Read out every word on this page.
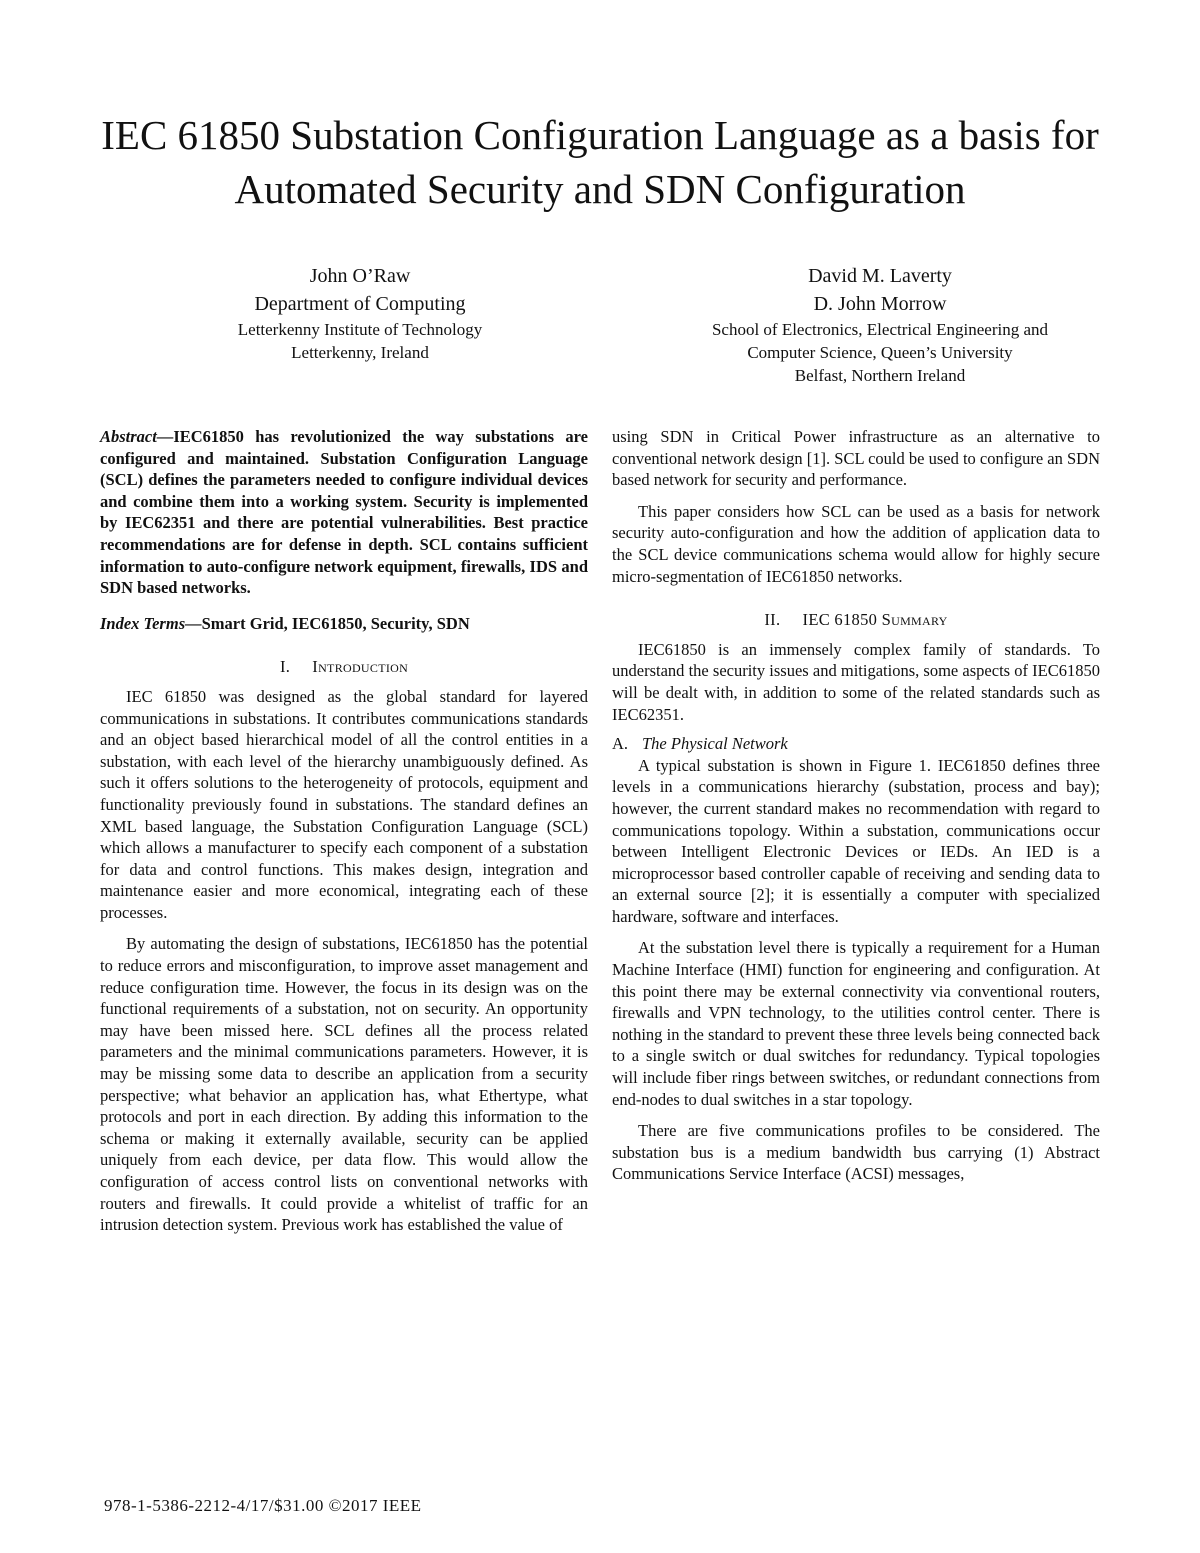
IEC 61850 Substation Configuration Language as a basis for Automated Security and SDN Configuration
John O’Raw
Department of Computing
Letterkenny Institute of Technology
Letterkenny, Ireland
David M. Laverty
D. John Morrow
School of Electronics, Electrical Engineering and
Computer Science, Queen’s University
Belfast, Northern Ireland

Abstract—IEC61850 has revolutionized the way substations are configured and maintained. Substation Configuration Language (SCL) defines the parameters needed to configure individual devices and combine them into a working system. Security is implemented by IEC62351 and there are potential vulnerabilities. Best practice recommendations are for defense in depth. SCL contains sufficient information to auto-configure network equipment, firewalls, IDS and SDN based networks.

Index Terms—Smart Grid, IEC61850, Security, SDN

I. Introduction

IEC 61850 was designed as the global standard for layered communications in substations. It contributes communications standards and an object based hierarchical model of all the control entities in a substation, with each level of the hierarchy unambiguously defined. As such it offers solutions to the heterogeneity of protocols, equipment and functionality previously found in substations. The standard defines an XML based language, the Substation Configuration Language (SCL) which allows a manufacturer to specify each component of a substation for data and control functions. This makes design, integration and maintenance easier and more economical, integrating each of these processes.

By automating the design of substations, IEC61850 has the potential to reduce errors and misconfiguration, to improve asset management and reduce configuration time. However, the focus in its design was on the functional requirements of a substation, not on security. An opportunity may have been missed here. SCL defines all the process related parameters and the minimal communications parameters. However, it is may be missing some data to describe an application from a security perspective; what behavior an application has, what Ethertype, what protocols and port in each direction. By adding this information to the schema or making it externally available, security can be applied uniquely from each device, per data flow. This would allow the configuration of access control lists on conventional networks with routers and firewalls. It could provide a whitelist of traffic for an intrusion detection system. Previous work has established the value of

using SDN in Critical Power infrastructure as an alternative to conventional network design [1]. SCL could be used to configure an SDN based network for security and performance.

This paper considers how SCL can be used as a basis for network security auto-configuration and how the addition of application data to the SCL device communications schema would allow for highly secure micro-segmentation of IEC61850 networks.

II. IEC 61850 Summary

IEC61850 is an immensely complex family of standards. To understand the security issues and mitigations, some aspects of IEC61850 will be dealt with, in addition to some of the related standards such as IEC62351.

A. The Physical Network

A typical substation is shown in Figure 1. IEC61850 defines three levels in a communications hierarchy (substation, process and bay); however, the current standard makes no recommendation with regard to communications topology. Within a substation, communications occur between Intelligent Electronic Devices or IEDs. An IED is a microprocessor based controller capable of receiving and sending data to an external source [2]; it is essentially a computer with specialized hardware, software and interfaces.

At the substation level there is typically a requirement for a Human Machine Interface (HMI) function for engineering and configuration. At this point there may be external connectivity via conventional routers, firewalls and VPN technology, to the utilities control center. There is nothing in the standard to prevent these three levels being connected back to a single switch or dual switches for redundancy. Typical topologies will include fiber rings between switches, or redundant connections from end-nodes to dual switches in a star topology.

There are five communications profiles to be considered. The substation bus is a medium bandwidth bus carrying (1) Abstract Communications Service Interface (ACSI) messages,

978-1-5386-2212-4/17/$31.00 ©2017 IEEE
